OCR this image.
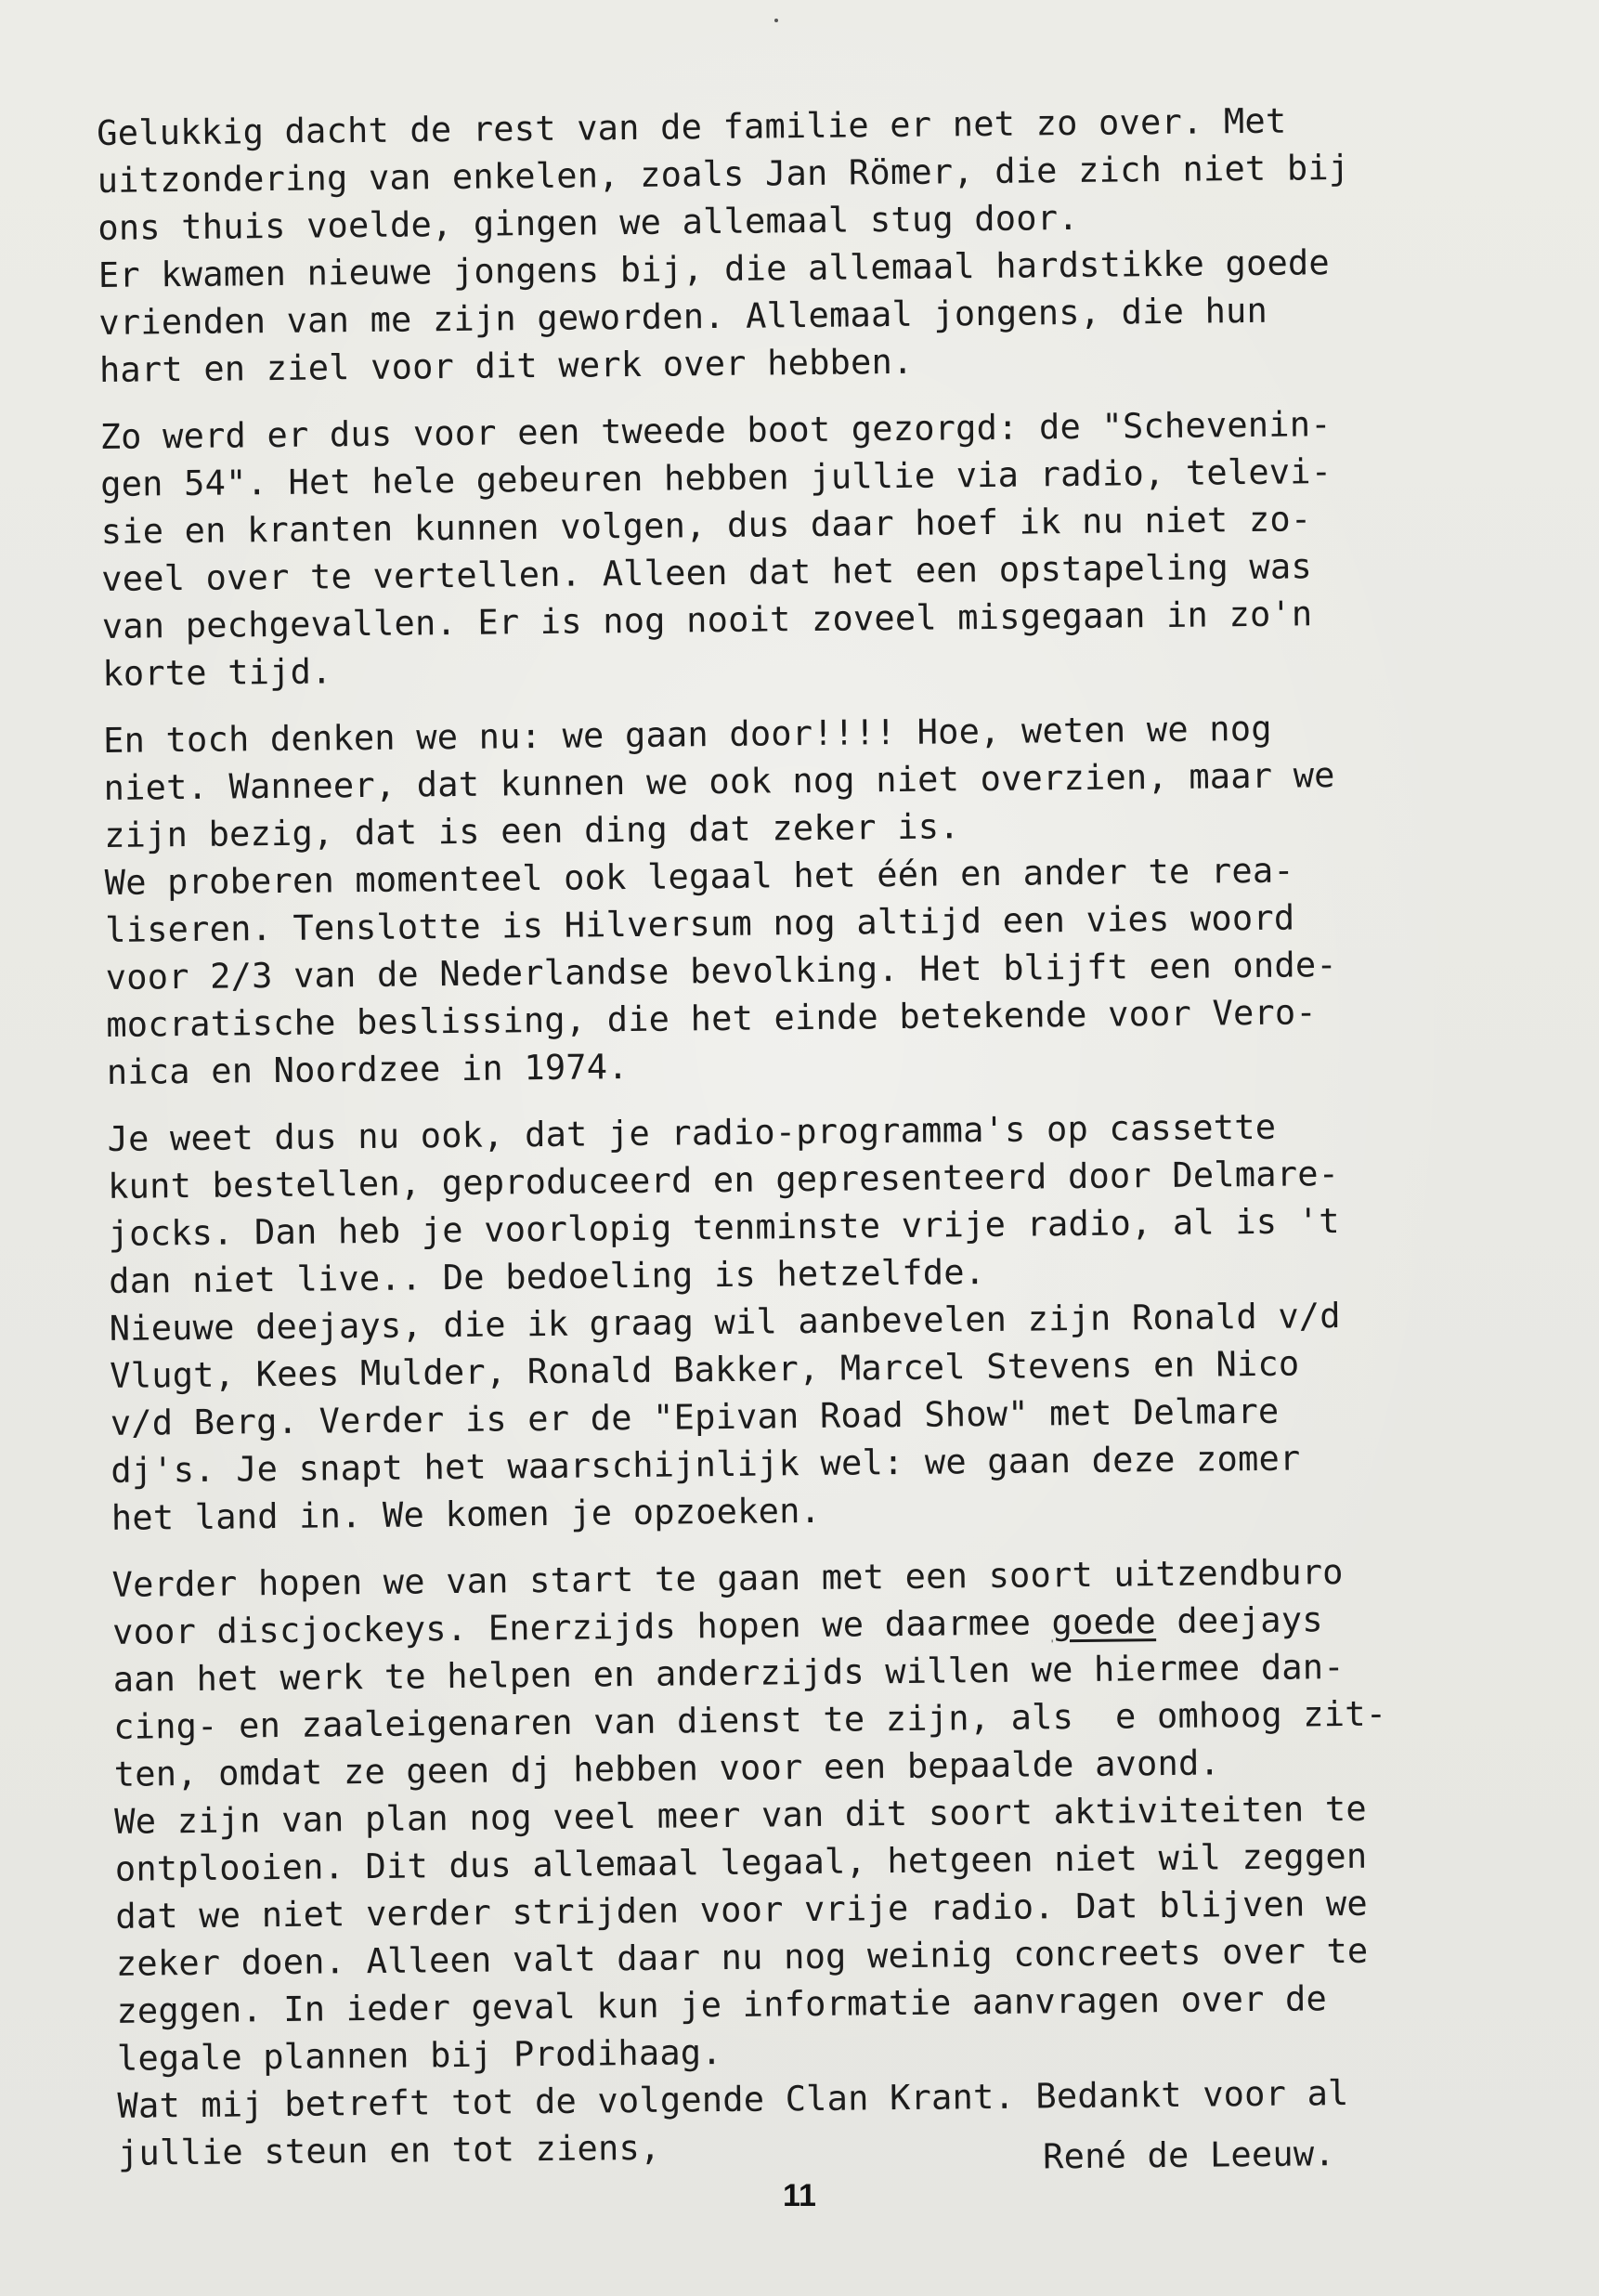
Gelukkig dacht de rest van de familie er net zo over. Met
uitzondering van enkelen, zoals Jan Römer, die zich niet bij
ons thuis voelde, gingen we allemaal stug door.
Er kwamen nieuwe jongens bij, die allemaal hardstikke goede
vrienden van me zijn geworden. Allemaal jongens, die hun
hart en ziel voor dit werk over hebben.
Zo werd er dus voor een tweede boot gezorgd: de "Schevenin-
gen 54". Het hele gebeuren hebben jullie via radio, televi-
sie en kranten kunnen volgen, dus daar hoef ik nu niet zo-
veel over te vertellen. Alleen dat het een opstapeling was
van pechgevallen. Er is nog nooit zoveel misgegaan in zo'n
korte tijd.
En toch denken we nu: we gaan door!!!! Hoe, weten we nog
niet. Wanneer, dat kunnen we ook nog niet overzien, maar we
zijn bezig, dat is een ding dat zeker is.
We proberen momenteel ook legaal het één en ander te rea-
liseren. Tenslotte is Hilversum nog altijd een vies woord
voor 2/3 van de Nederlandse bevolking. Het blijft een onde-
mocratische beslissing, die het einde betekende voor Vero-
nica en Noordzee in 1974.
Je weet dus nu ook, dat je radio-programma's op cassette
kunt bestellen, geproduceerd en gepresenteerd door Delmare-
jocks. Dan heb je voorlopig tenminste vrije radio, al is 't
dan niet live.. De bedoeling is hetzelfde.
Nieuwe deejays, die ik graag wil aanbevelen zijn Ronald v/d
Vlugt, Kees Mulder, Ronald Bakker, Marcel Stevens en Nico
v/d Berg. Verder is er de "Epivan Road Show" met Delmare
dj's. Je snapt het waarschijnlijk wel: we gaan deze zomer
het land in. We komen je opzoeken.
Verder hopen we van start te gaan met een soort uitzendburo
voor discjockeys. Enerzijds hopen we daarmee goede deejays
aan het werk te helpen en anderzijds willen we hiermee dan-
cing- en zaaleigenaren van dienst te zijn, als  e omhoog zit-
ten, omdat ze geen dj hebben voor een bepaalde avond.
We zijn van plan nog veel meer van dit soort aktiviteiten te
ontplooien. Dit dus allemaal legaal, hetgeen niet wil zeggen
dat we niet verder strijden voor vrije radio. Dat blijven we
zeker doen. Alleen valt daar nu nog weinig concreets over te
zeggen. In ieder geval kun je informatie aanvragen over de
legale plannen bij Prodihaag.
Wat mij betreft tot de volgende Clan Krant. Bedankt voor al
jullie steun en tot ziens,	René de Leeuw.
11
